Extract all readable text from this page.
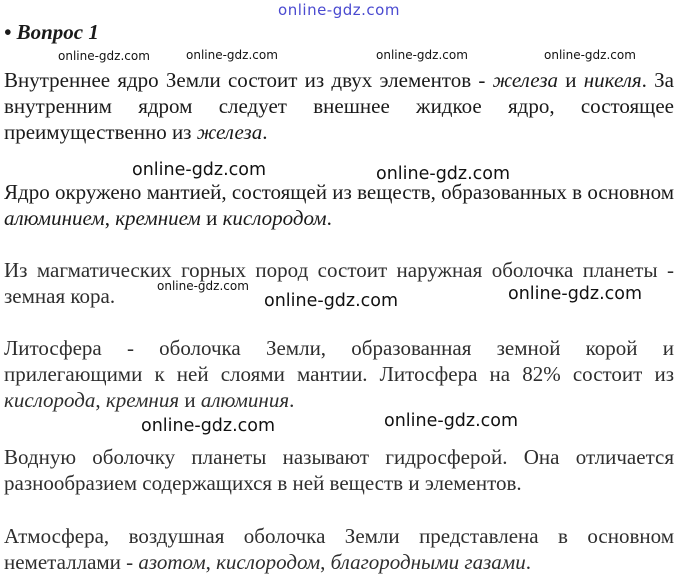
online-gdz.com
online-gdz.com	online-gdz.com	online-gdz.com	online-gdz.com
online-gdz.com	online-gdz.com
online-gdz.com	online-gdz.com
online-gdz.com
online-gdz.com
online-gdz.com
• Вопрос 1
Внутреннее ядро Земли состоит из двух элементов - железа и никеля. За внутренним ядром следует внешнее жидкое ядро, состоящее преимущественно из железа.
Ядро окружено мантией, состоящей из веществ, образованных в основном алюминием, кремнием и кислородом.
Из магматических горных пород состоит наружная оболочка планеты - земная кора.
Литосфера - оболочка Земли, образованная земной корой и прилегающими к ней слоями мантии. Литосфера на 82% состоит из кислорода, кремния и алюминия.
Водную оболочку планеты называют гидросферой. Она отличается разнообразием содержащихся в ней веществ и элементов.
Атмосфера, воздушная оболочка Земли представлена в основном неметаллами - азотом, кислородом, благородными газами.
